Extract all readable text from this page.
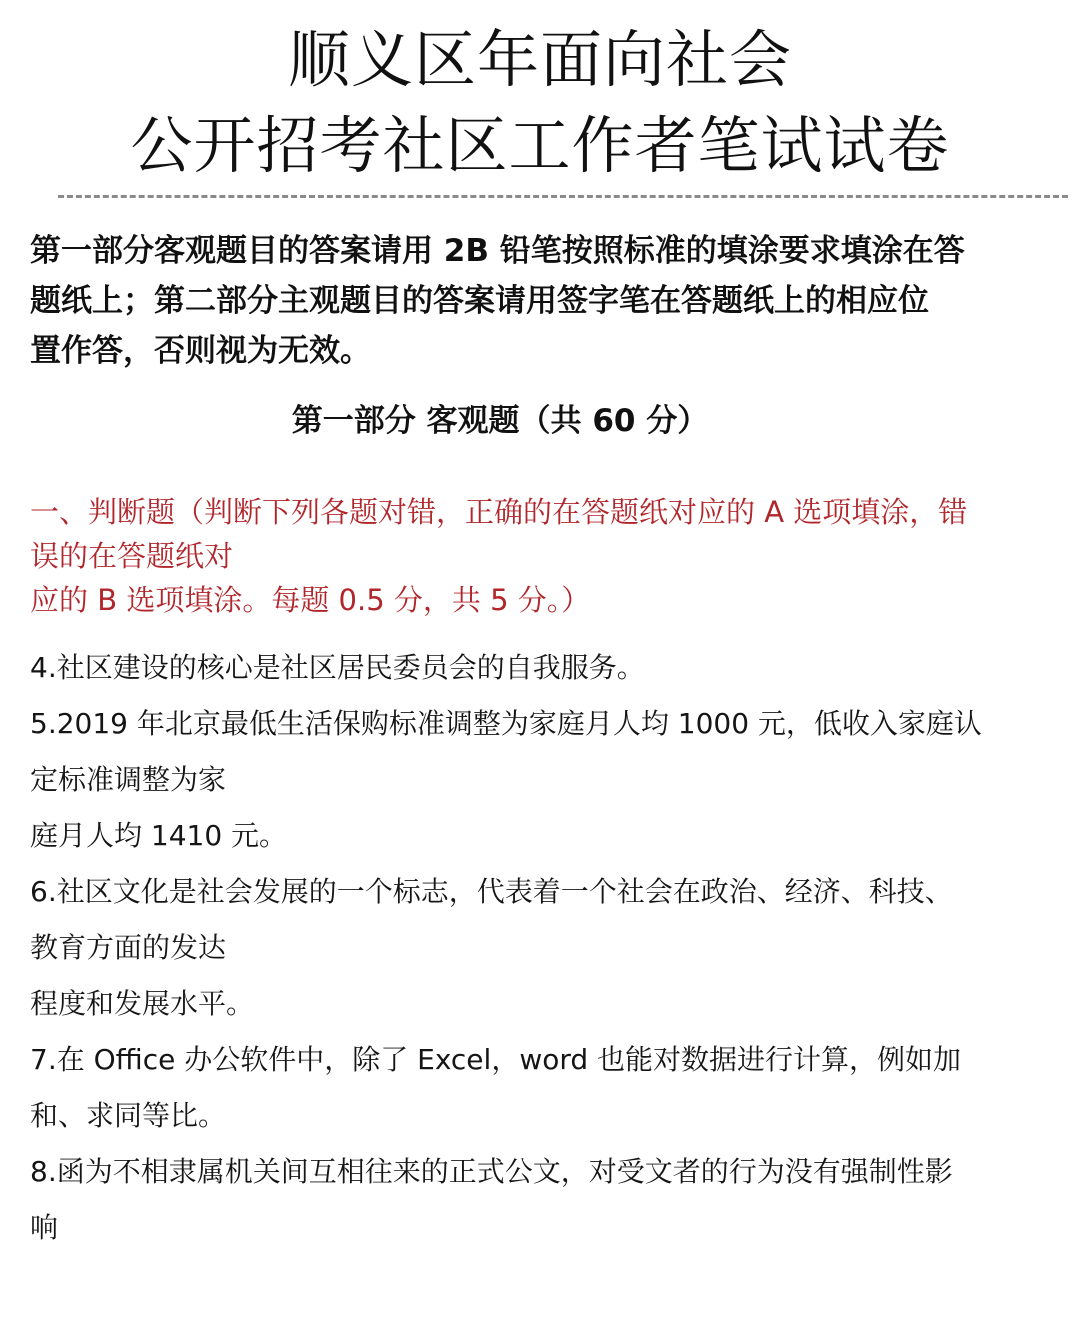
顺义区年面向社会
公开招考社区工作者笔试试卷
第一部分客观题目的答案请用 2B 铅笔按照标准的填涂要求填涂在答
题纸上；第二部分主观题目的答案请用签字笔在答题纸上的相应位
置作答，否则视为无效。
第一部分 客观题（共 60 分）
一、判断题（判断下列各题对错，正确的在答题纸对应的 A 选项填涂，错
误的在答题纸对
应的 B 选项填涂。每题 0.5 分，共 5 分。）
4.社区建设的核心是社区居民委员会的自我服务。
5.2019 年北京最低生活保购标准调整为家庭月人均 1000 元，低收入家庭认
定标准调整为家
庭月人均 1410 元。
6.社区文化是社会发展的一个标志，代表着一个社会在政治、经济、科技、
教育方面的发达
程度和发展水平。
7.在 Office 办公软件中，除了 Excel，word 也能对数据进行计算，例如加
和、求同等比。
8.函为不相隶属机关间互相往来的正式公文，对受文者的行为没有强制性影
响
